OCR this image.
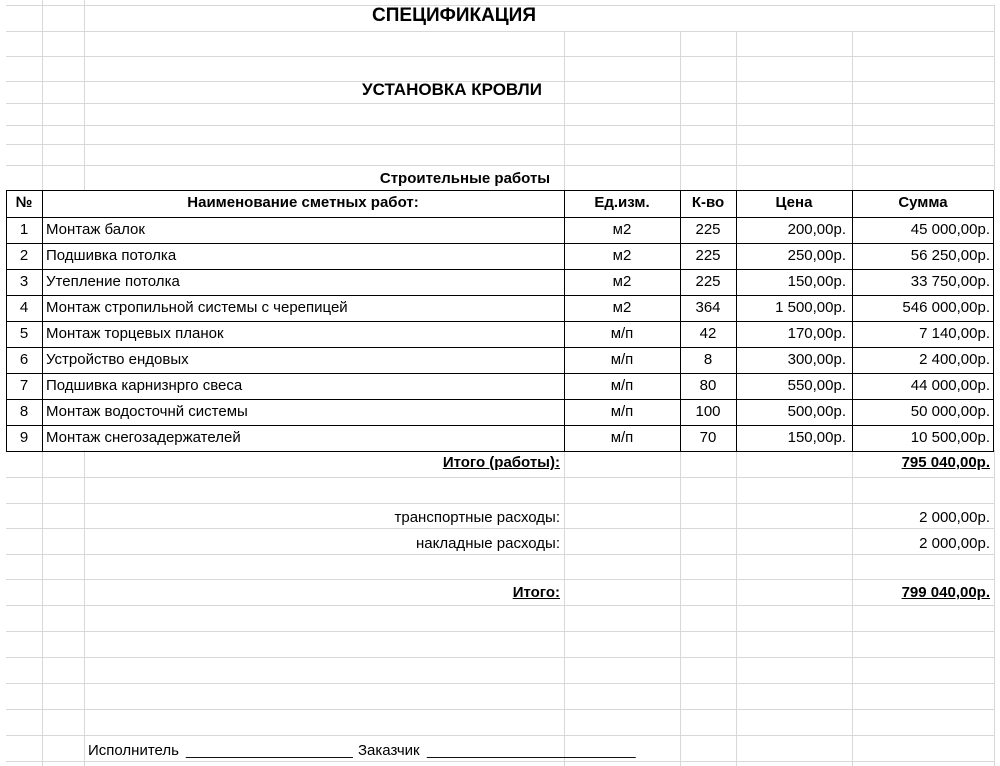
СПЕЦИФИКАЦИЯ
УСТАНОВКА КРОВЛИ
Строительные работы
№	Наименование сметных работ:	Ед.изм.	К-во	Цена	Сумма
1	Монтаж балок	м2	225	200,00р.	45 000,00р.
2	Подшивка потолка	м2	225	250,00р.	56 250,00р.
3	Утепление потолка	м2	225	150,00р.	33 750,00р.
4	Монтаж стропильной системы с черепицей	м2	364	1 500,00р.	546 000,00р.
5	Монтаж торцевых планок	м/п	42	170,00р.	7 140,00р.
6	Устройство ендовых	м/п	8	300,00р.	2 400,00р.
7	Подшивка карнизнрго свеса	м/п	80	550,00р.	44 000,00р.
8	Монтаж водосточнй системы	м/п	100	500,00р.	50 000,00р.
9	Монтаж снегозадержателей	м/п	70	150,00р.	10 500,00р.
Итого (работы):	795 040,00р.
транспортные расходы:	2 000,00р.
накладные расходы:	2 000,00р.
Итого:	799 040,00р.
Исполнитель ____________________ Заказчик _________________________
